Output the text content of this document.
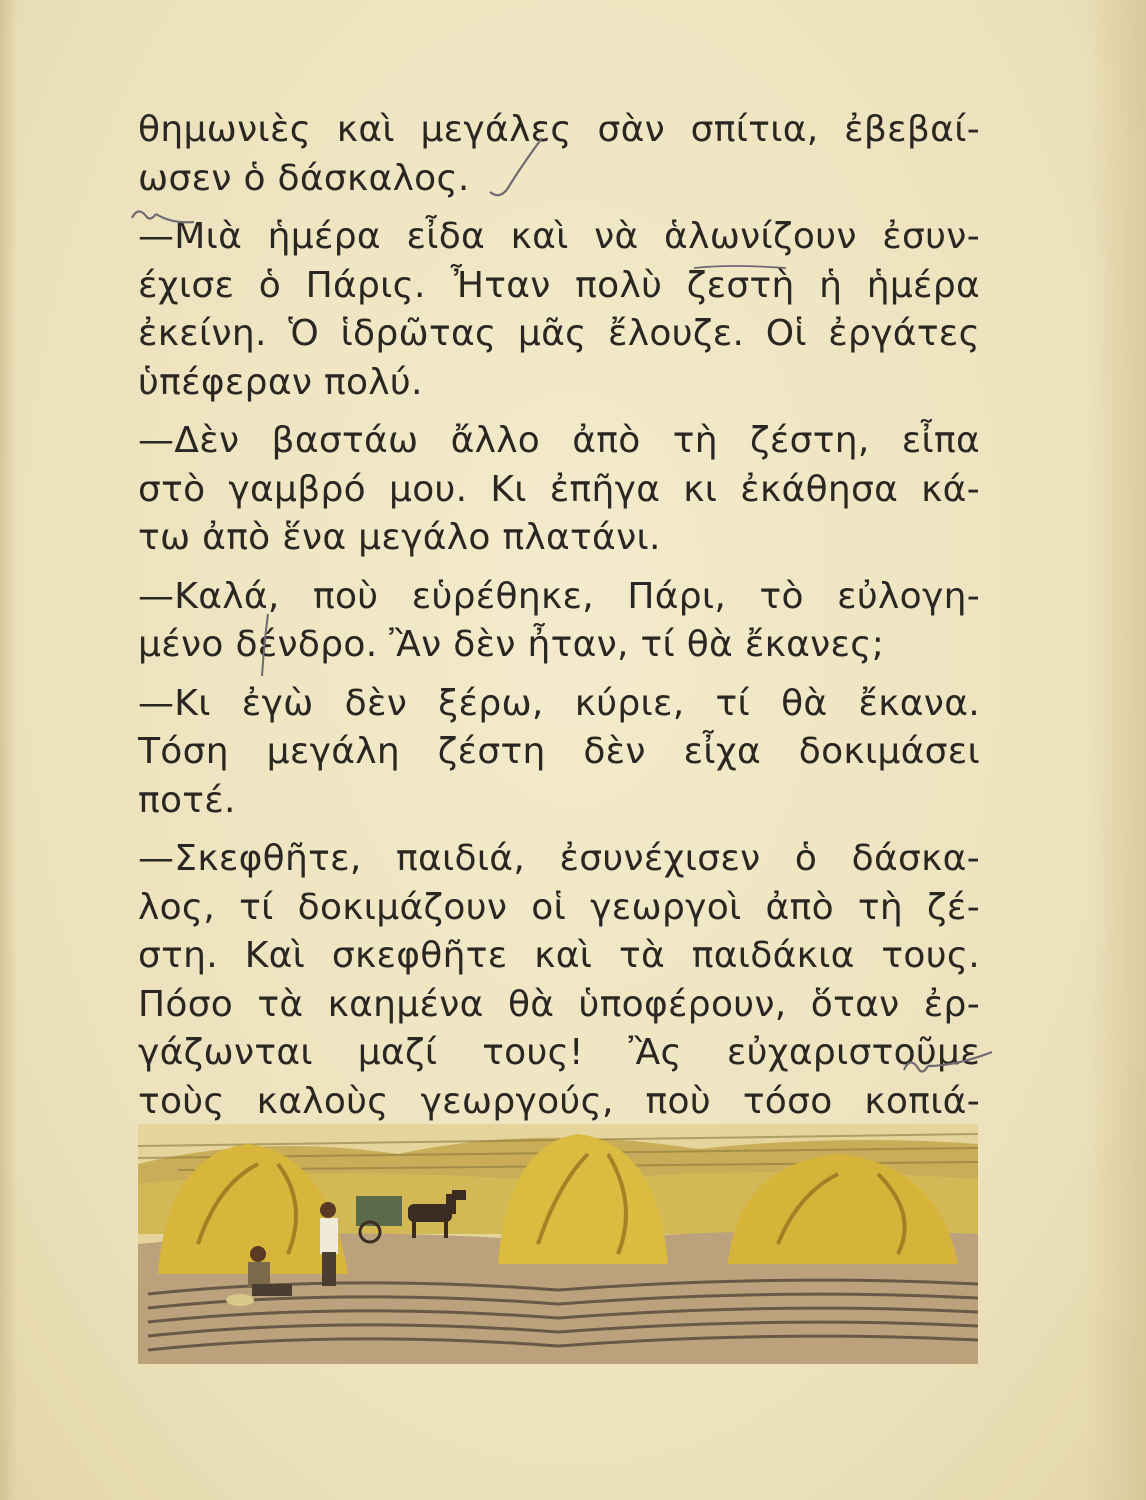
θημωνιὲς καὶ μεγάλες σὰν σπίτια, ἐβεβαί-
ωσεν ὁ δάσκαλος.
—Μιὰ ἡμέρα εἶδα καὶ νὰ ἁλωνίζουν ἐσυν-
έχισε ὁ Πάρις. Ἦταν πολὺ ζεστὴ ἡ ἡμέρα
ἐκείνη. Ὁ ἱδρῶτας μᾶς ἔλουζε. Οἱ ἐργάτες
ὑπέφεραν πολύ.
—Δὲν βαστάω ἄλλο ἀπὸ τὴ ζέστη, εἶπα
στὸ γαμβρό μου. Κι ἐπῆγα κι ἐκάθησα κά-
τω ἀπὸ ἕνα μεγάλο πλατάνι.
—Καλά, ποὺ εὑρέθηκε, Πάρι, τὸ εὐλογη-
μένο δένδρο. Ἂν δὲν ἦταν, τί θὰ ἔκανες;
—Κι ἐγὼ δὲν ξέρω, κύριε, τί θὰ ἔκανα.
Τόση μεγάλη ζέστη δὲν εἶχα δοκιμάσει
ποτέ.
—Σκεφθῆτε, παιδιά, ἐσυνέχισεν ὁ δάσκα-
λος, τί δοκιμάζουν οἱ γεωργοὶ ἀπὸ τὴ ζέ-
στη. Καὶ σκεφθῆτε καὶ τὰ παιδάκια τους.
Πόσο τὰ καημένα θὰ ὑποφέρουν, ὅταν ἐρ-
γάζωνται μαζί τους! Ἂς εὐχαριστοῦμε
τοὺς καλοὺς γεωργούς, ποὺ τόσο κοπιά-
